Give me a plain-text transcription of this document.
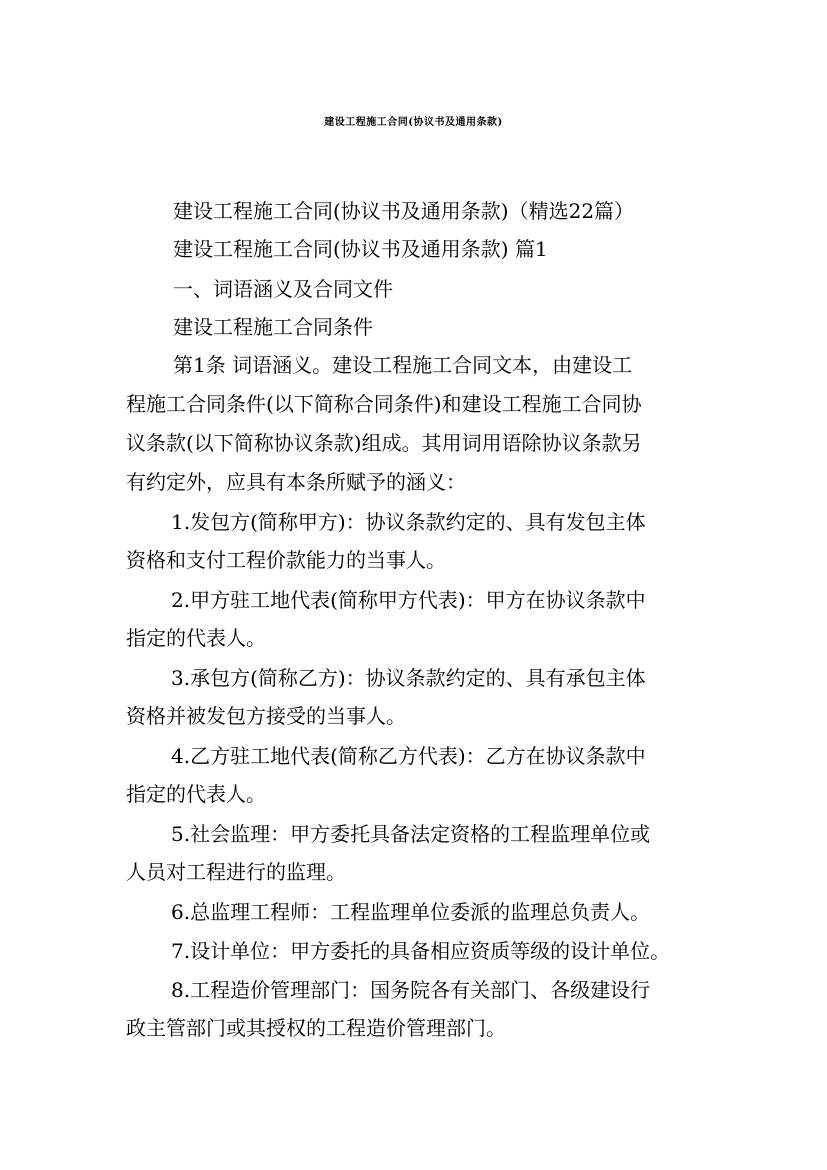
建设工程施工合同(协议书及通用条款)
建设工程施工合同(协议书及通用条款)（精选22篇）
建设工程施工合同(协议书及通用条款) 篇1
一、词语涵义及合同文件
建设工程施工合同条件
第1条 词语涵义。建设工程施工合同文本，由建设工
程施工合同条件(以下简称合同条件)和建设工程施工合同协
议条款(以下简称协议条款)组成。其用词用语除协议条款另
有约定外，应具有本条所赋予的涵义：
1.发包方(简称甲方)：协议条款约定的、具有发包主体
资格和支付工程价款能力的当事人。
2.甲方驻工地代表(简称甲方代表)：甲方在协议条款中
指定的代表人。
3.承包方(简称乙方)：协议条款约定的、具有承包主体
资格并被发包方接受的当事人。
4.乙方驻工地代表(简称乙方代表)：乙方在协议条款中
指定的代表人。
5.社会监理：甲方委托具备法定资格的工程监理单位或
人员对工程进行的监理。
6.总监理工程师：工程监理单位委派的监理总负责人。
7.设计单位：甲方委托的具备相应资质等级的设计单位。
8.工程造价管理部门：国务院各有关部门、各级建设行
政主管部门或其授权的工程造价管理部门。
